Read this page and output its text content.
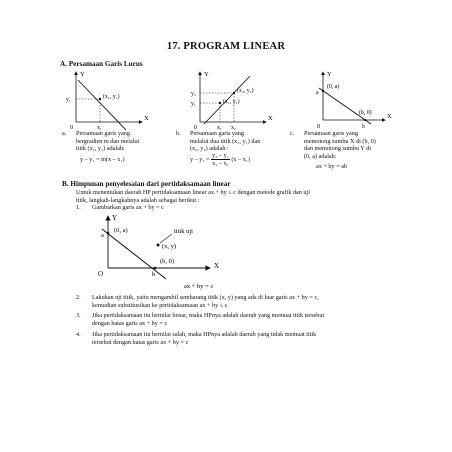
17. PROGRAM LINEAR
A. Persamaan Garis Lurus
Y
X
0
(x₁, y₁)
y₁
x₁
Y
X
0
(x₂, y₂)
(x₁, y₁)
y₂
y₁
x₁ x₂
Y
X
0
(0, a)
a
(b, 0)
b
a. Persamaan garis yang
bergradien m dan melalui
titik (x₁, y₁) adalah:
y – y₁ = m(x – x₁)
b. Persamaan garis yang
melalui dua titik (x₁, y₁) dan
(x₂, y₂) adalah :
$y - y_1 = \frac{\text{y₂ – y₁}}{\text{x₂ – x₁}} (x - x_1)$
c. Persamaan garis yang
memotong sumbu X di (b, 0)
dan memotong sumbu Y di
(0, a) adalah:
ax + by = ab
B. Himpunan penyelesaian dari pertidaksamaan linear
Untuk menentukan daerah HP pertidaksamaan linear ax + by ≤ c dengan metode grafik dan uji
titik, langkah-langkahnya adalah sebagai berikut :
1. Gambarkan garis ax + by = c
Y
X
O
(0, a)
a
(b, 0)
b
titik uji
(x, y)
ax + by = c
2. Lakukan uji titik, yaitu mengambil sembarang titik (x, y) yang ada di luar garis ax + by = c,
kemudian substitusikan ke pertidaksamaan ax + by ≤ c
3. Jika pertidaksamaan itu bernilai benar, maka HPnya adalah daerah yang memuat titik tersebut
dengan batas garis ax + by = c
4. Jika pertidaksamaan itu bernilai salah, maka HPnya adalah daerah yang tidak memuat titik
tersebut dengan batas garis ax + by = c
